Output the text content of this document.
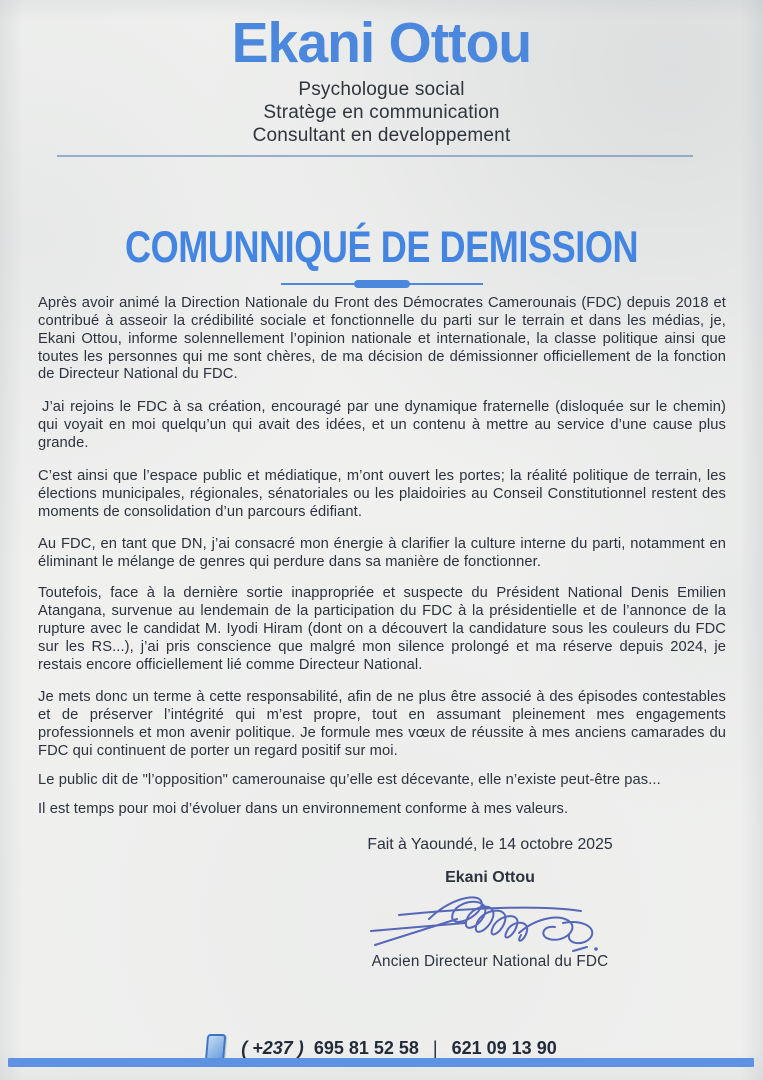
Ekani Ottou
Psychologue social
Stratège en communication
Consultant en developpement
COMUNNIQUÉ DE DEMISSION

Après avoir animé la Direction Nationale du Front des Démocrates Camerounais (FDC) depuis 2018 et contribué à asseoir la crédibilité sociale et fonctionnelle du parti sur le terrain et dans les médias, je, Ekani Ottou, informe solennellement l’opinion nationale et internationale, la classe politique ainsi que toutes les personnes qui me sont chères, de ma décision de démissionner officiellement de la fonction de Directeur National du FDC.

J’ai rejoins le FDC à sa création, encouragé par une dynamique fraternelle (disloquée sur le chemin) qui voyait en moi quelqu’un qui avait des idées, et un contenu à mettre au service d’une cause plus grande.

C’est ainsi que l’espace public et médiatique, m’ont ouvert les portes; la réalité politique de terrain, les élections municipales, régionales, sénatoriales ou les plaidoiries au Conseil Constitutionnel restent des moments de consolidation d’un parcours édifiant.

Au FDC, en tant que DN, j’ai consacré mon énergie à clarifier la culture interne du parti, notamment en éliminant le mélange de genres qui perdure dans sa manière de fonctionner.

Toutefois, face à la dernière sortie inappropriée et suspecte du Président National Denis Emilien Atangana, survenue au lendemain de la participation du FDC à la présidentielle et de l’annonce de la rupture avec le candidat M. Iyodi Hiram (dont on a découvert la candidature sous les couleurs du FDC sur les RS...), j’ai pris conscience que malgré mon silence prolongé et ma réserve depuis 2024, je restais encore officiellement lié comme Directeur National.

Je mets donc un terme à cette responsabilité, afin de ne plus être associé à des épisodes contestables et de préserver l’intégrité qui m’est propre, tout en assumant pleinement mes engagements professionnels et mon avenir politique. Je formule mes vœux de réussite à mes anciens camarades du FDC qui continuent de porter un regard positif sur moi.

Le public dit de "l’opposition" camerounaise qu’elle est décevante, elle n’existe peut-être pas...

Il est temps pour moi d’évoluer dans un environnement conforme à mes valeurs.

Fait à Yaoundé, le 14 octobre 2025
Ekani Ottou
Ancien Directeur National du FDC
( +237 ) 695 81 52 58 | 621 09 13 90
